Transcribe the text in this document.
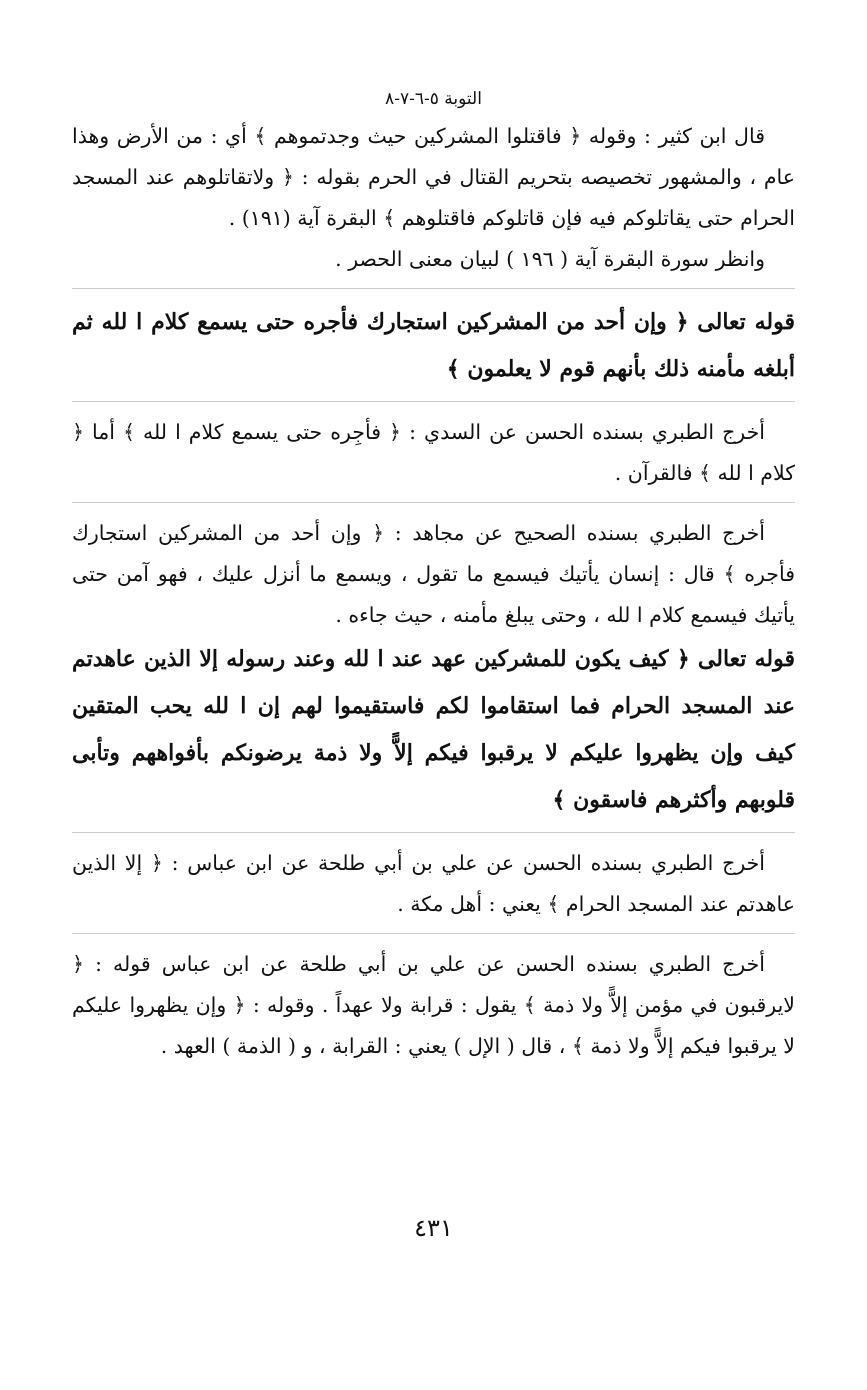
التوبة ٥-٦-٧-٨

قال ابن كثير : وقوله ﴿ فاقتلوا المشركين حيث وجدتموهم ﴾ أي : من الأرض وهذا عام ، والمشهور تخصيصه بتحريم القتال في الحرم بقوله : ﴿ ولاتقاتلوهم عند المسجد الحرام حتى يقاتلوكم فيه فإن قاتلوكم فاقتلوهم ﴾ البقرة آية (١٩١) .

وانظر سورة البقرة آية ( ١٩٦ ) لبيان معنى الحصر .

قوله تعالى ﴿ وإن أحد من المشركين استجارك فأجره حتى يسمع كلام ا لله ثم أبلغه مأمنه ذلك بأنهم قوم لا يعلمون ﴾

أخرج الطبري بسنده الحسن عن السدي : ﴿ فأجِره حتى يسمع كلام ا لله ﴾ أما ﴿ كلام ا لله ﴾ فالقرآن .

أخرج الطبري بسنده الصحيح عن مجاهد : ﴿ وإن أحد من المشركين استجارك فأجره ﴾ قال : إنسان يأتيك فيسمع ما تقول ، ويسمع ما أنزل عليك ، فهو آمن حتى يأتيك فيسمع كلام ا لله ، وحتى يبلغ مأمنه ، حيث جاءه .

قوله تعالى ﴿ كيف يكون للمشركين عهد عند ا لله وعند رسوله إلا الذين عاهدتم عند المسجد الحرام فما استقاموا لكم فاستقيموا لهم إن ا لله يحب المتقين كيف وإن يظهروا عليكم لا يرقبوا فيكم إلاًّ ولا ذمة يرضونكم بأفواههم وتأبى قلوبهم وأكثرهم فاسقون ﴾

أخرج الطبري بسنده الحسن عن علي بن أبي طلحة عن ابن عباس : ﴿ إلا الذين عاهدتم عند المسجد الحرام ﴾ يعني : أهل مكة .

أخرج الطبري بسنده الحسن عن علي بن أبي طلحة عن ابن عباس قوله : ﴿ لايرقبون في مؤمن إلاًّ ولا ذمة ﴾ يقول : قرابة ولا عهداً . وقوله : ﴿ وإن يظهروا عليكم لا يرقبوا فيكم إلاًّ ولا ذمة ﴾ ، قال ( الإل ) يعني : القرابة ، و ( الذمة ) العهد .

٤٣١
